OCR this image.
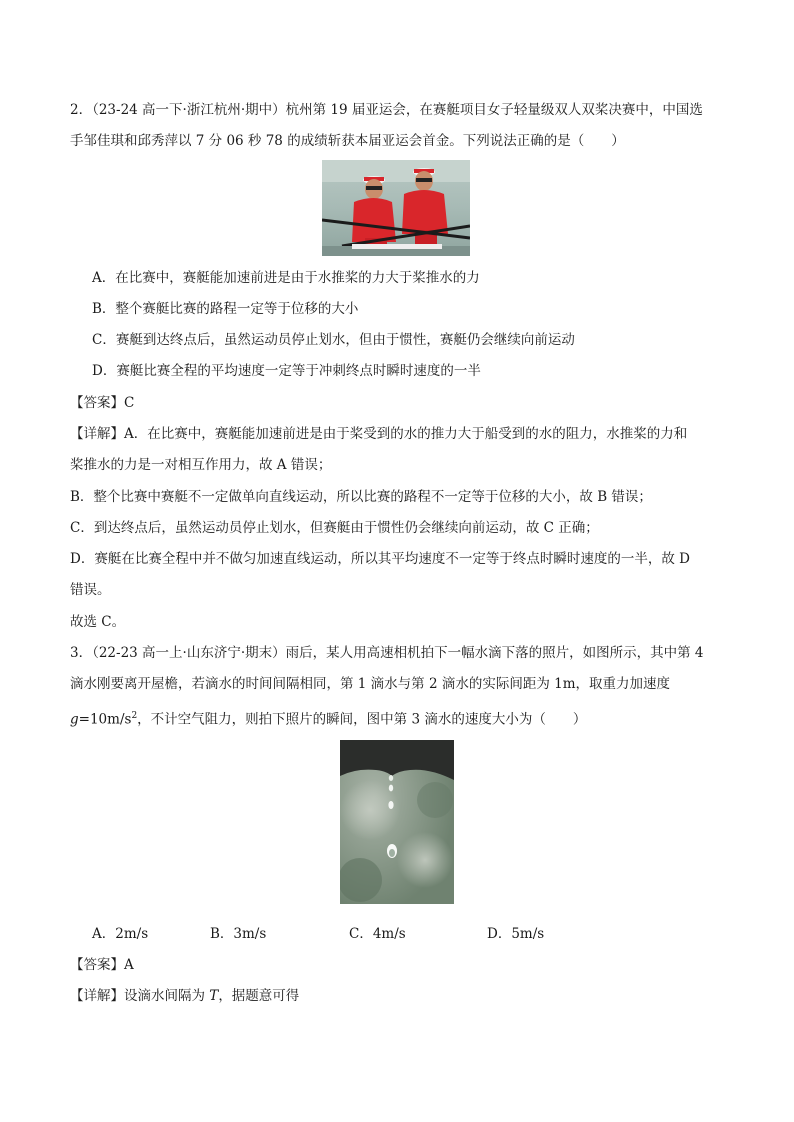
2．（23-24 高一下·浙江杭州·期中）杭州第 19 届亚运会，在赛艇项目女子轻量级双人双桨决赛中，中国选
手邹佳琪和邱秀萍以 7 分 06 秒 78 的成绩斩获本届亚运会首金。下列说法正确的是（　　）
A．在比赛中，赛艇能加速前进是由于水推桨的力大于桨推水的力
B．整个赛艇比赛的路程一定等于位移的大小
C．赛艇到达终点后，虽然运动员停止划水，但由于惯性，赛艇仍会继续向前运动
D．赛艇比赛全程的平均速度一定等于冲刺终点时瞬时速度的一半
【答案】C
【详解】A．在比赛中，赛艇能加速前进是由于桨受到的水的推力大于船受到的水的阻力，水推桨的力和
桨推水的力是一对相互作用力，故 A 错误；
B．整个比赛中赛艇不一定做单向直线运动，所以比赛的路程不一定等于位移的大小，故 B 错误；
C．到达终点后，虽然运动员停止划水，但赛艇由于惯性仍会继续向前运动，故 C 正确；
D．赛艇在比赛全程中并不做匀加速直线运动，所以其平均速度不一定等于终点时瞬时速度的一半，故 D
错误。
故选 C。
3．（22-23 高一上·山东济宁·期末）雨后，某人用高速相机拍下一幅水滴下落的照片，如图所示，其中第 4
滴水刚要离开屋檐，若滴水的时间间隔相同，第 1 滴水与第 2 滴水的实际间距为 1m，取重力加速度
$g=10m/s^2$，不计空气阻力，则拍下照片的瞬间，图中第 3 滴水的速度大小为（　　）
A．2m/s	B．3m/s	C．4m/s	D．5m/s
【答案】A
【详解】设滴水间隔为 T，据题意可得
